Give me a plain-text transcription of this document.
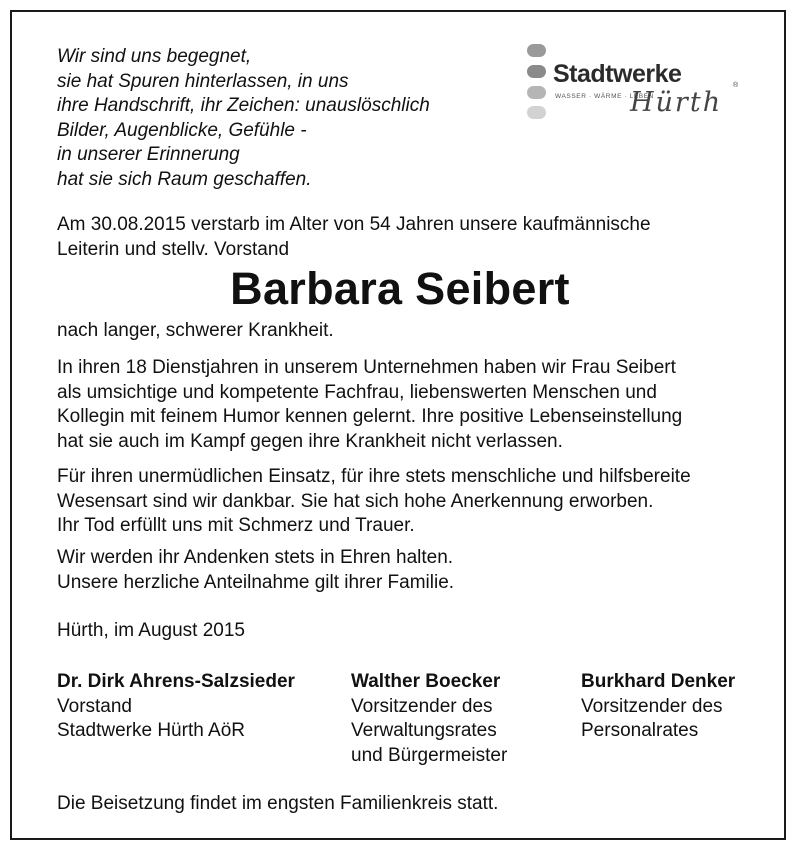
Wir sind uns begegnet,
sie hat Spuren hinterlassen, in uns
ihre Handschrift, ihr Zeichen: unauslöschlich
Bilder, Augenblicke, Gefühle -
in unserer Erinnerung
hat sie sich Raum geschaffen.
Stadtwerke
WASSER · WÄRME · LEBEN
Hürth
®
Am 30.08.2015 verstarb im Alter von 54 Jahren unsere kaufmännische
Leiterin und stellv. Vorstand
Barbara Seibert
nach langer, schwerer Krankheit.
In ihren 18 Dienstjahren in unserem Unternehmen haben wir Frau Seibert
als umsichtige und kompetente Fachfrau, liebenswerten Menschen und
Kollegin mit feinem Humor kennen gelernt. Ihre positive Lebenseinstellung
hat sie auch im Kampf gegen ihre Krankheit nicht verlassen.
Für ihren unermüdlichen Einsatz, für ihre stets menschliche und hilfsbereite
Wesensart sind wir dankbar. Sie hat sich hohe Anerkennung erworben.
Ihr Tod erfüllt uns mit Schmerz und Trauer.
Wir werden ihr Andenken stets in Ehren halten.
Unsere herzliche Anteilnahme gilt ihrer Familie.
Hürth, im August 2015
Dr. Dirk Ahrens-Salzsieder
Vorstand
Stadtwerke Hürth AöR
Walther Boecker
Vorsitzender des
Verwaltungsrates
und Bürgermeister
Burkhard Denker
Vorsitzender des
Personalrates
Die Beisetzung findet im engsten Familienkreis statt.
